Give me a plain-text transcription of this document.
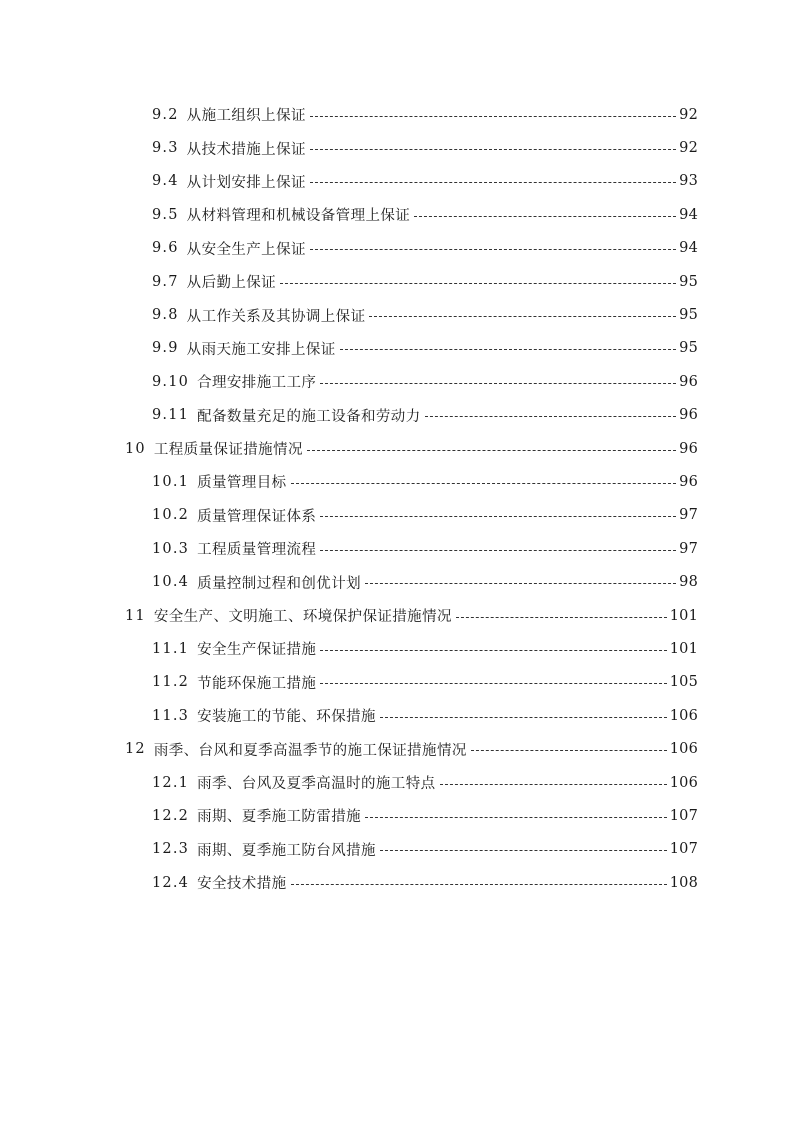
9.2 从施工组织上保证	92
9.3 从技术措施上保证	92
9.4 从计划安排上保证	93
9.5 从材料管理和机械设备管理上保证	94
9.6 从安全生产上保证	94
9.7 从后勤上保证	95
9.8 从工作关系及其协调上保证	95
9.9 从雨天施工安排上保证	95
9.10 合理安排施工工序	96
9.11 配备数量充足的施工设备和劳动力	96
10 工程质量保证措施情况	96
10.1 质量管理目标	96
10.2 质量管理保证体系	97
10.3 工程质量管理流程	97
10.4 质量控制过程和创优计划	98
11 安全生产、文明施工、环境保护保证措施情况	101
11.1 安全生产保证措施	101
11.2 节能环保施工措施	105
11.3 安装施工的节能、环保措施	106
12 雨季、台风和夏季高温季节的施工保证措施情况	106
12.1 雨季、台风及夏季高温时的施工特点	106
12.2 雨期、夏季施工防雷措施	107
12.3 雨期、夏季施工防台风措施	107
12.4 安全技术措施	108
